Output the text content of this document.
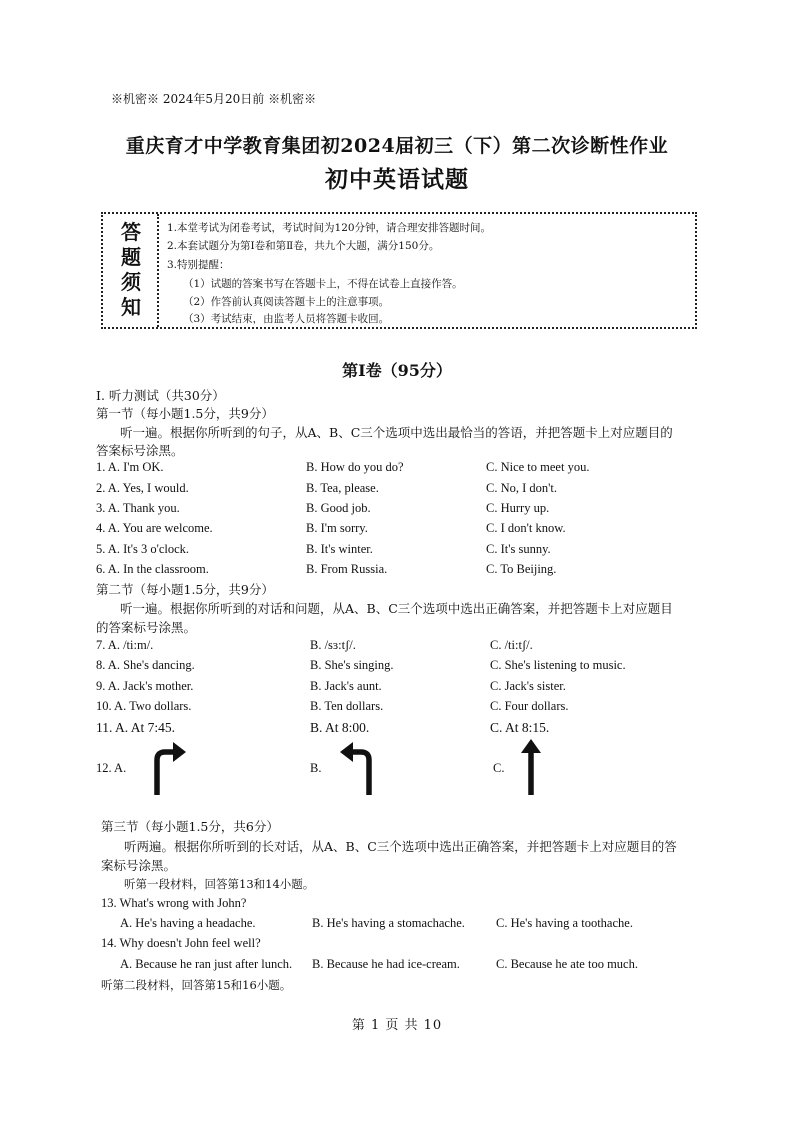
※机密※ 2024年5月20日前 ※机密※
重庆育才中学教育集团初2024届初三（下）第二次诊断性作业
初中英语试题
答
题
须
知
1.本堂考试为闭卷考试，考试时间为120分钟，请合理安排答题时间。
2.本套试题分为第Ⅰ卷和第Ⅱ卷，共九个大题，满分150分。
3.特别提醒：
（1）试题的答案书写在答题卡上，不得在试卷上直接作答。
（2）作答前认真阅读答题卡上的注意事项。
（3）考试结束，由监考人员将答题卡收回。
第Ⅰ卷（95分）
Ⅰ. 听力测试（共30分）
第一节（每小题1.5分，共9分）
听一遍。根据你所听到的句子，从A、B、C三个选项中选出最恰当的答语，并把答题卡上对应题目的
答案标号涂黑。
1. A. I'm OK.	B. How do you do?	C. Nice to meet you.
2. A. Yes, I would.	B. Tea, please.	C. No, I don't.
3. A. Thank you.	B. Good job.	C. Hurry up.
4. A. You are welcome.	B. I'm sorry.	C. I don't know.
5. A. It's 3 o'clock.	B. It's winter.	C. It's sunny.
6. A. In the classroom.	B. From Russia.	C. To Beijing.
第二节（每小题1.5分，共9分）
听一遍。根据你所听到的对话和问题，从A、B、C三个选项中选出正确答案，并把答题卡上对应题目
的答案标号涂黑。
7. A. /ti:m/.	B. /sɜ:tʃ/.	C. /ti:tʃ/.
8. A. She's dancing.	B. She's singing.	C. She's listening to music.
9. A. Jack's mother.	B. Jack's aunt.	C. Jack's sister.
10. A. Two dollars.	B. Ten dollars.	C. Four dollars.
11. A. At 7:45.	B. At 8:00.	C. At 8:15.
12. A.	B.	C.
第三节（每小题1.5分，共6分）
听两遍。根据你所听到的长对话，从A、B、C三个选项中选出正确答案，并把答题卡上对应题目的答
案标号涂黑。
听第一段材料，回答第13和14小题。
13. What's wrong with John?
A. He's having a headache.	B. He's having a stomachache. C. He's having a toothache.
14. Why doesn't John feel well?
A. Because he ran just after lunch. B. Because he had ice-cream.	C. Because he ate too much.
听第二段材料，回答第15和16小题。
第 1 页 共 10
